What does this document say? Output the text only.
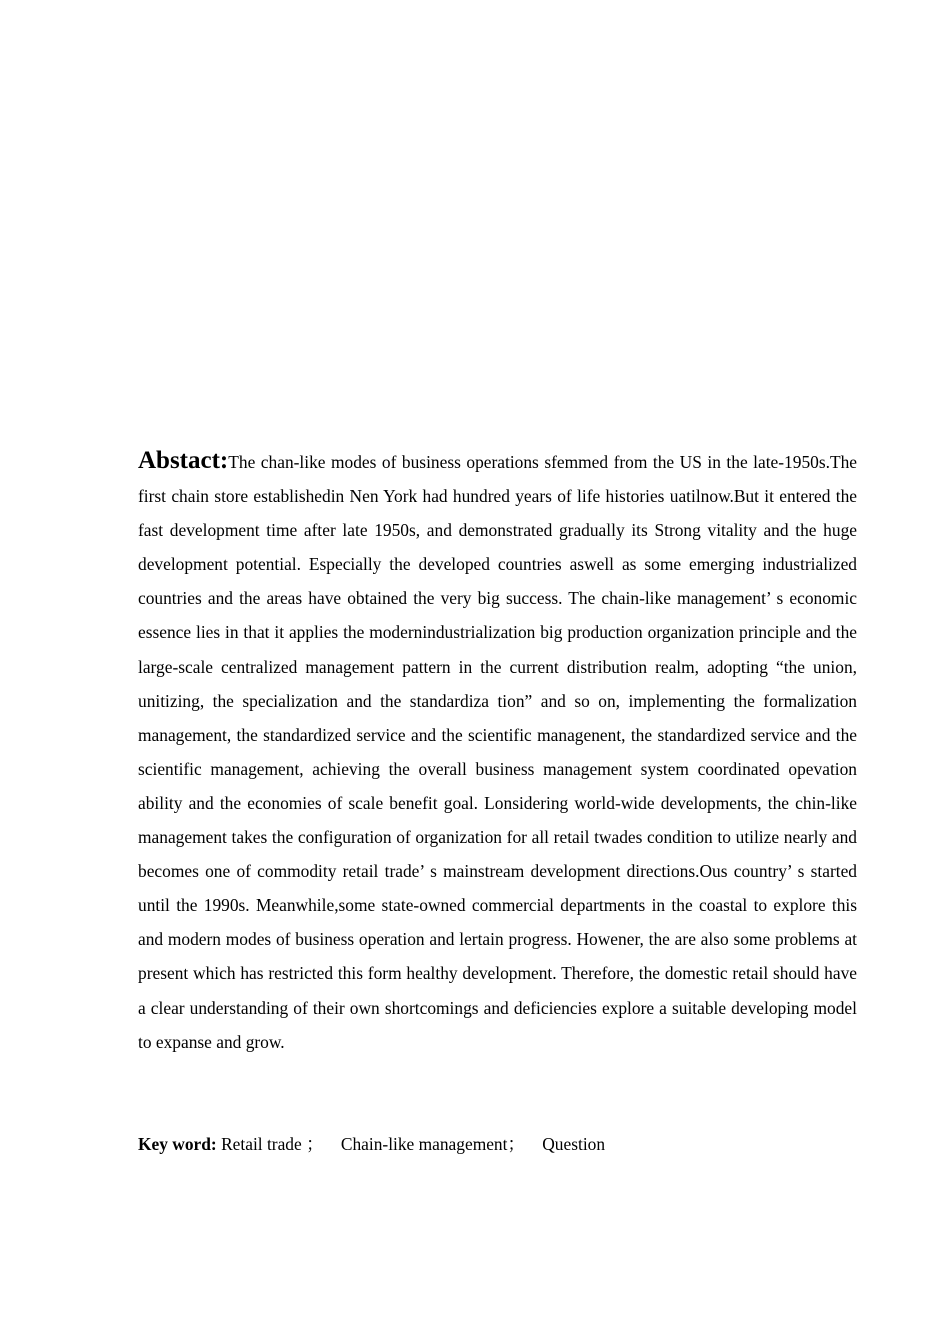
Abstact:The chan-like modes of business operations sfemmed from the US in the late-1950s.The first chain store establishedin Nen York had hundred years of life histories uatilnow.But it entered the fast development time after late 1950s, and demonstrated gradually its Strong vitality and the huge development potential. Especially the developed countries aswell as some emerging industrialized countries and the areas have obtained the very big success. The chain-like management’ s economic essence lies in that it applies the modernindustrialization big production organization principle and the large-scale centralized management pattern in the current distribution realm, adopting “the union, unitizing, the specialization and the standardiza tion” and so on, implementing the formalization management, the standardized service and the scientific managenent, the standardized service and the scientific management, achieving the overall business management system coordinated opevation ability and the economies of scale benefit goal. Lonsidering world-wide developments, the chin-like management takes the configuration of organization for all retail twades condition to utilize nearly and becomes one of commodity retail trade’ s mainstream development directions.Ous country’ s started until the 1990s. Meanwhile,some state-owned commercial departments in the coastal to explore this and modern modes of business operation and lertain progress. Howener, the are also some problems at present which has restricted this form healthy development. Therefore, the domestic retail should have a clear understanding of their own shortcomings and deficiencies explore a suitable developing model to expanse and grow.

Key word: Retail trade ；    Chain-like management；    Question
